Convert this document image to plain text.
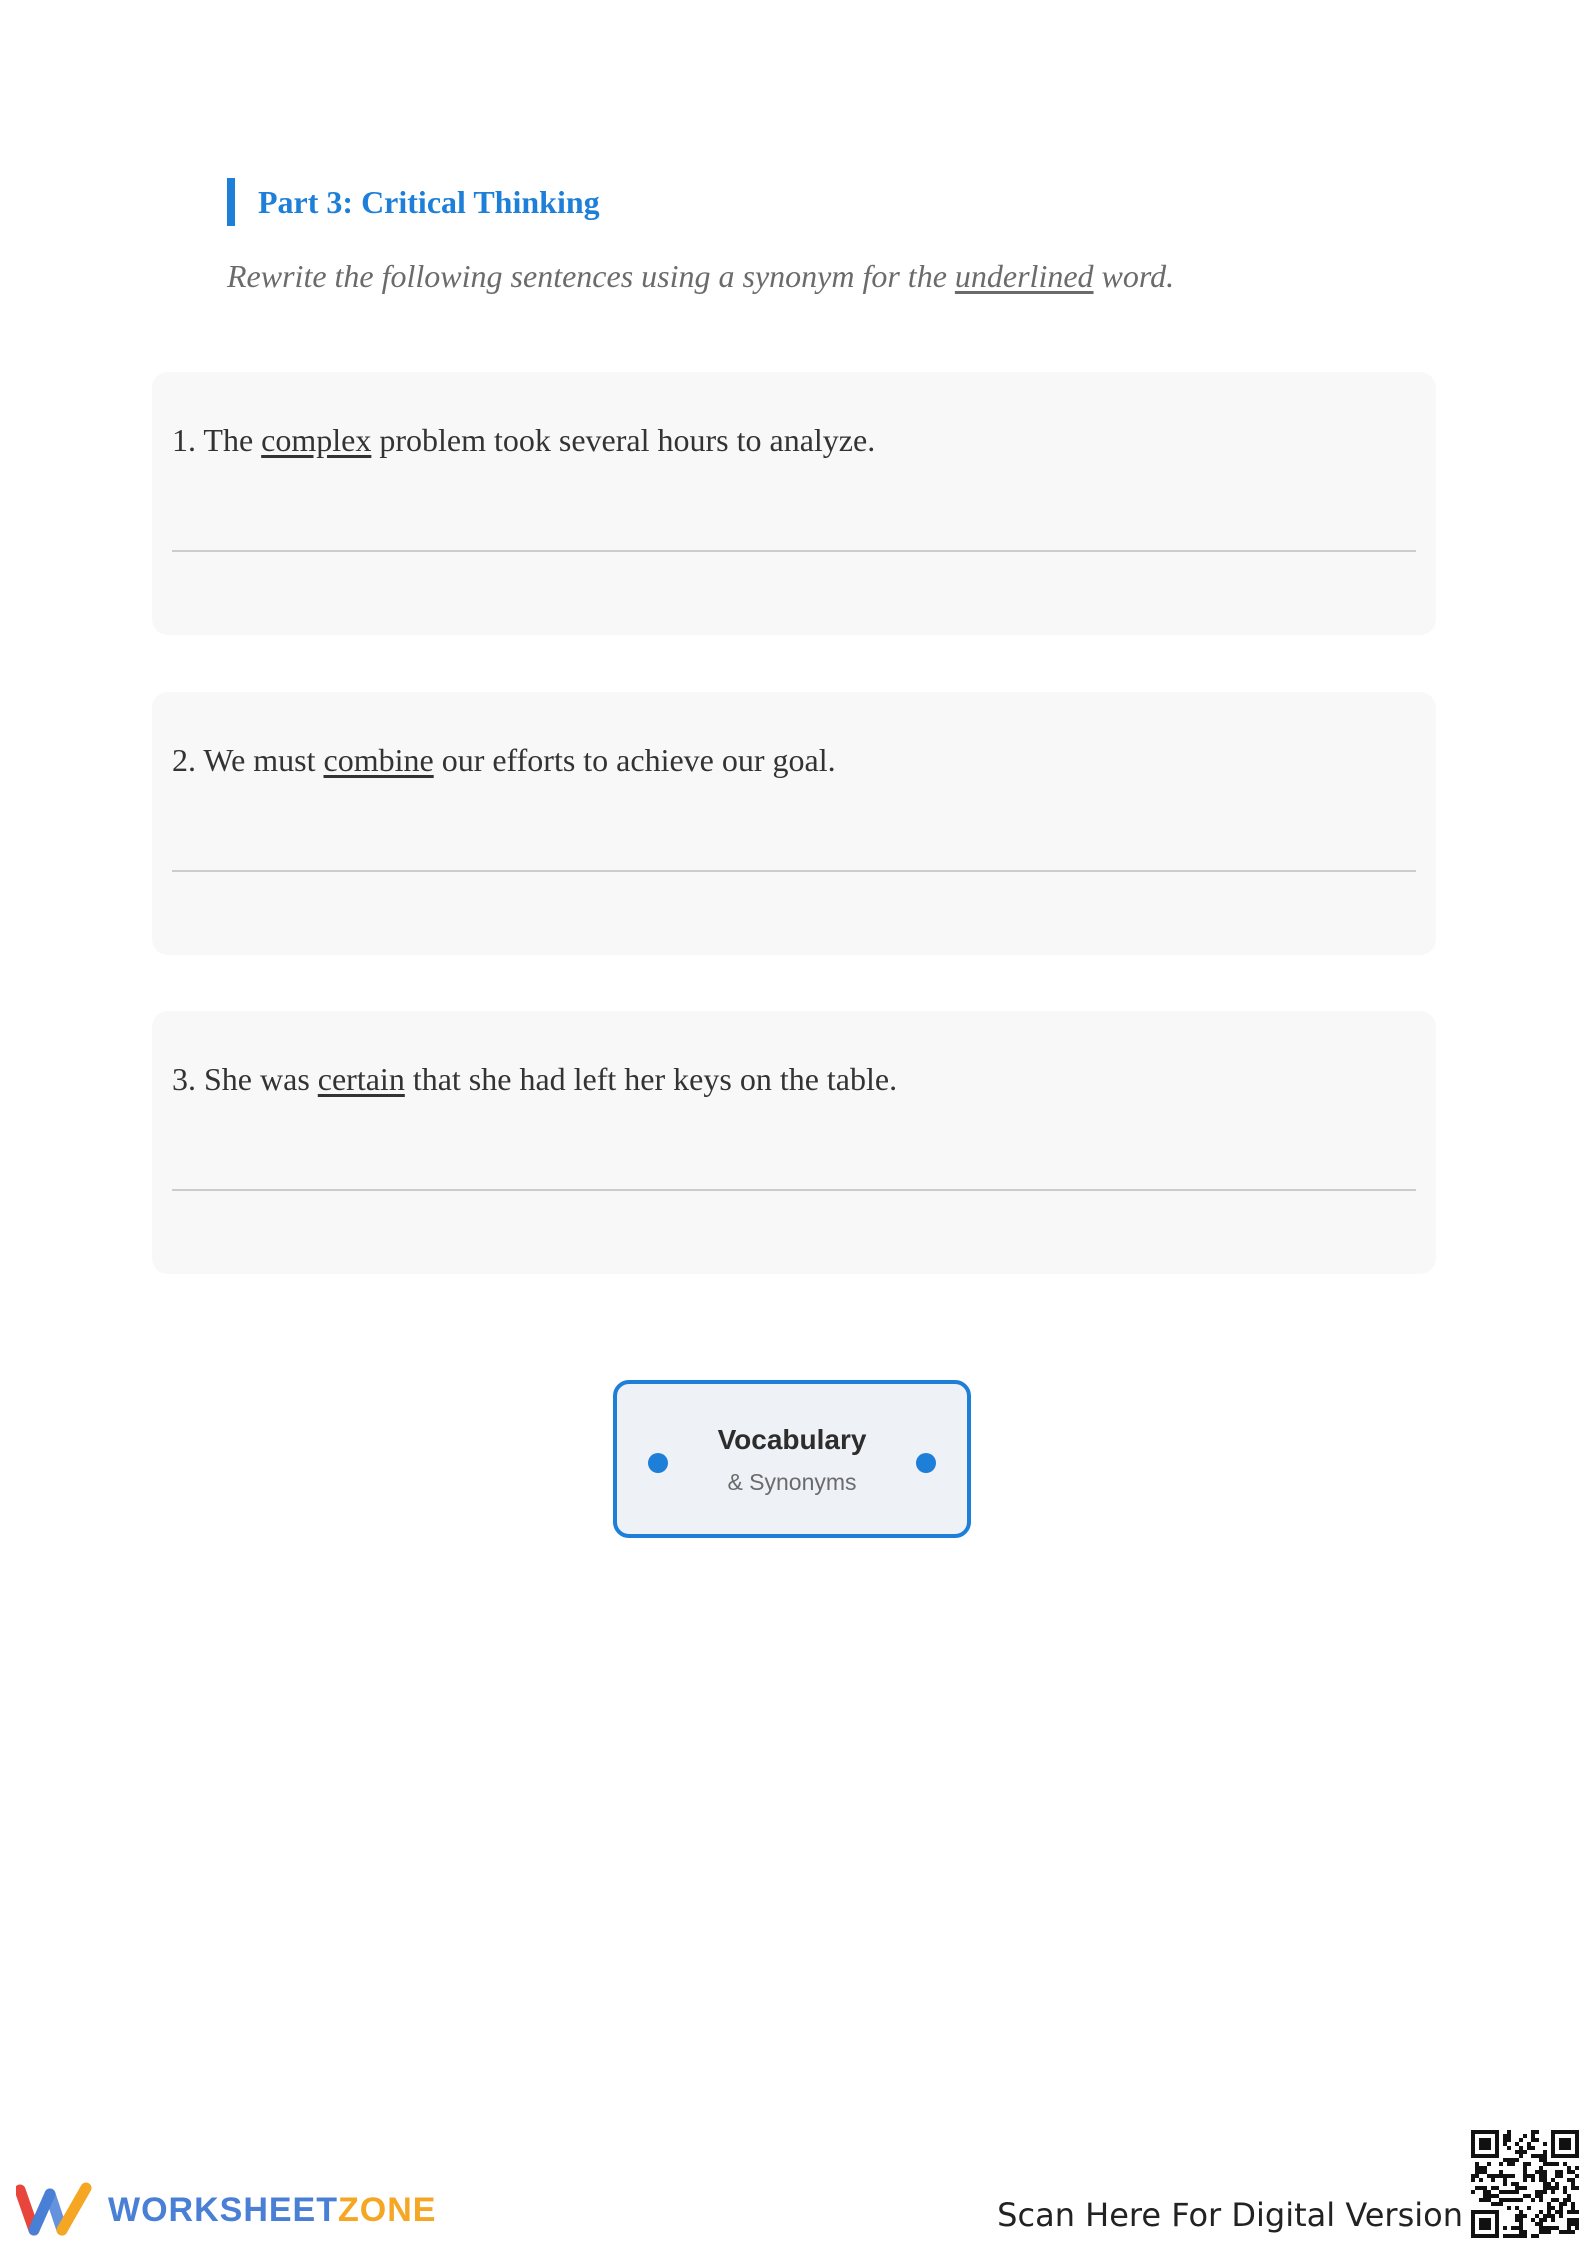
Part 3: Critical Thinking
Rewrite the following sentences using a synonym for the underlined word.
1. The complex problem took several hours to analyze.
2. We must combine our efforts to achieve our goal.
3. She was certain that she had left her keys on the table.
Vocabulary
& Synonyms
WORKSHEETZONE	Scan Here For Digital Version
